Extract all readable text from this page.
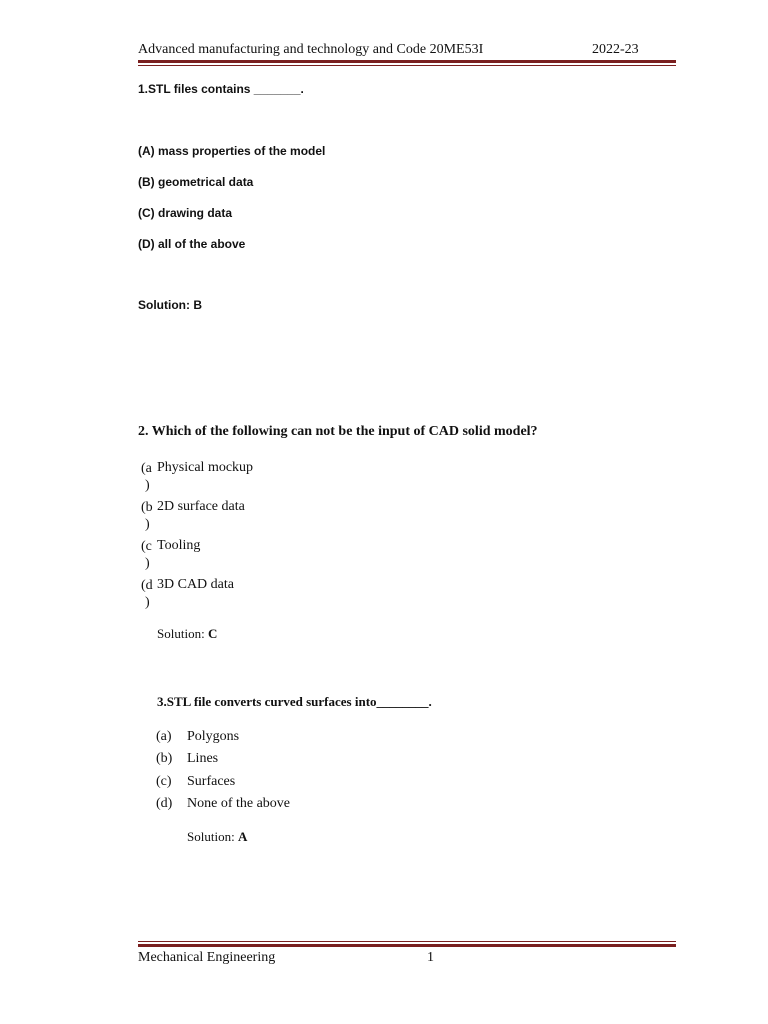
Advanced manufacturing and technology and Code 20ME53I	2022-23
1.STL files contains _______.
(A) mass properties of the model
(B) geometrical data
(C) drawing data
(D) all of the above
Solution: B
2. Which of the following can not be the input of CAD solid model?
(a
)
Physical mockup
(b
)
2D surface data
(c
)
Tooling
(d
)
3D CAD data
Solution: C
3.STL file converts curved surfaces into________.
(a) Polygons
(b) Lines
(c) Surfaces
(d) None of the above
Solution: A
Mechanical Engineering	1
